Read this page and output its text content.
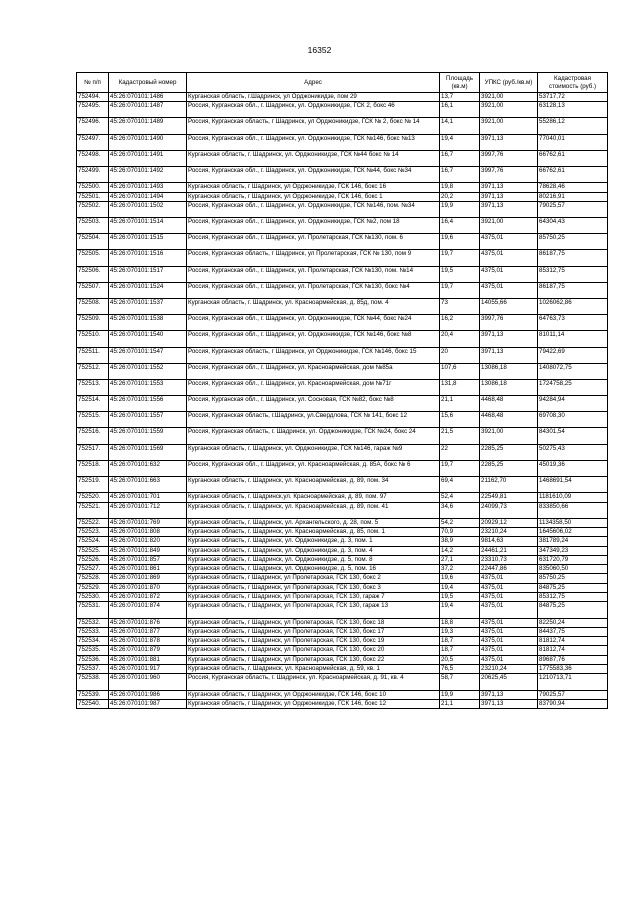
16352
№ п/п	Кадастровый номер	Адрес	Площадь (кв.м)	УПКС (руб./кв.м)	Кадастровая стоимость (руб.)
752494.	45:26:070101:1486	Курганская область, г.Шадринск, ул Орджоникидзе, пом 29	13,7	3921,00	53717,72
752495.	45:26:070101:1487	Россия, Курганская обл., г. Шадринск, ул. Орджоникидзе, ГСК 2, бокс 46	16,1	3921,00	63128,13
752496.	45:26:070101:1489	Россия, Курганская область, г Шадринск, ул Орджоникидзе, ГСК № 2, бокс № 14	14,1	3921,00	55286,12
752497.	45:26:070101:1490	Россия, Курганская обл., г. Шадринск, ул. Орджоникидзе, ГСК №146, бокс №13	19,4	3971,13	77040,01
752498.	45:26:070101:1491	Курганская область, г. Шадринск, ул. Орджоникидзе, ГСК №44 бокс № 14	16,7	3997,76	66762,61
752499.	45:26:070101:1492	Россия, Курганская обл., г. Шадринск, ул. Орджоникидзе, ГСК №44, бокс №34	16,7	3997,76	66762,61
752500.	45:26:070101:1493	Курганская область, г Шадринск, ул Орджоникидзе, ГСК 146, бокс 16	19,8	3971,13	78628,46
752501.	45:26:070101:1494	Курганская область, г Шадринск, ул Орджоникидзе, ГСК 146, бокс 1	20,2	3971,13	80216,91
752502.	45:26:070101:1502	Россия, Курганская обл., г. Шадринск, ул. Орджоникидзе, ГСК №146, пом. №34	19,9	3971,13	79025,57
752503.	45:26:070101:1514	Россия, Курганская обл., г. Шадринск, ул. Орджоникидзе, ГСК №2, пом 18	16,4	3921,00	64304,43
752504.	45:26:070101:1515	Россия, Курганская обл., г. Шадринск, ул. Пролетарская, ГСК №130, пом. 6	19,6	4375,01	85750,25
752505.	45:26:070101:1516	Россия, Курганская область, г Шадринск, ул Пролетарская, ГСК № 130, пом 9	19,7	4375,01	86187,75
752506.	45:26:070101:1517	Россия, Курганская обл., г. Шадринск, ул. Пролетарская, ГСК №130, пом. №14	19,5	4375,01	85312,75
752507.	45:26:070101:1524	Россия, Курганская обл., г. Шадринск, ул. Пролетарская, ГСК №130, бокс №4	19,7	4375,01	86187,75
752508.	45:26:070101:1537	Курганская область, г. Шадринск, ул. Красноармейская, д. 85д, пом. 4	73	14055,66	1026062,86
752509.	45:26:070101:1538	Россия, Курганская обл., г. Шадринск, ул. Орджоникидзе, ГСК №44, бокс №24	16,2	3997,76	64763,73
752510.	45:26:070101:1540	Россия, Курганская обл., г. Шадринск, ул. Орджоникидзе, ГСК №146, бокс №8	20,4	3971,13	81011,14
752511.	45:26:070101:1547	Россия, Курганская область, г Шадринск, ул Орджоникидзе, ГСК №146, бокс 15	20	3971,13	79422,69
752512.	45:26:070101:1552	Россия, Курганская обл., г. Шадринск, ул. Красноармейская, дом №85а	107,6	13086,18	1408072,75
752513.	45:26:070101:1553	Россия, Курганская обл., г. Шадринск, ул. Красноармейская, дом №71г	131,8	13086,18	1724758,25
752514.	45:26:070101:1556	Россия, Курганская обл., г. Шадринск, ул. Сосновая, ГСК №82, бокс №8	21,1	4468,48	94284,94
752515.	45:26:070101:1557	Россия, Курганская область, г.Шадринск, ул.Свердлова, ГСК № 141, бокс 12	15,6	4468,48	69708,30
752516.	45:26:070101:1559	Россия, Курганская область, г. Шадринск, ул. Орджоникидзе, ГСК №24, бокс 24	21,5	3921,00	84301,54
752517.	45:26:070101:1569	Курганская область, г. Шадринск, ул. Орджоникидзе, ГСК №146, гараж №9	22	2285,25	50275,43
752518.	45:26:070101:632	Россия, Курганская обл., г. Шадринск, ул. Красноармейская, д. 85А, бокс № 6	19,7	2285,25	45019,36
752519.	45:26:070101:663	Курганская область, г. Шадринск, ул. Красноармейская, д. 89, пом. 34	69,4	21162,70	1468691,54
752520.	45:26:070101:701	Курганская область, г. Шадринск,ул. Красноармейская, д. 89, пом. 97	52,4	22549,81	1181610,09
752521.	45:26:070101:712	Курганская область, г. Шадринск, ул. Красноармейская, д. 89, пом. 41	34,6	24099,73	833850,66
752522.	45:26:070101:769	Курганская область, г. Шадринск, ул. Архангельского, д. 28, пом. 5	54,2	20929,12	1134358,50
752523.	45:26:070101:808	Курганская область, г. Шадринск, ул. Красноармейская, д. 85, пом. 1	70,9	23210,24	1645606,02
752524.	45:26:070101:820	Курганская область, г. Шадринск, ул. Орджоникидзе, д. 3, пом. 1	38,9	9814,63	381789,24
752525.	45:26:070101:849	Курганская область, г. Шадринск, ул. Орджоникидзе, д. 3, пом. 4	14,2	24461,21	347349,23
752526.	45:26:070101:857	Курганская область, г. Шадринск, ул. Орджоникидзе, д. 5, пом. 8	27,1	23310,73	631720,79
752527.	45:26:070101:861	Курганская область, г. Шадринск, ул. Орджоникидзе, д. 5, пом. 16	37,2	22447,86	835060,50
752528.	45:26:070101:869	Курганская область, г Шадринск, ул Пролетарская, ГСК 130, бокс 2	19,6	4375,01	85750,25
752529.	45:26:070101:870	Курганская область, г Шадринск, ул Пролетарская, ГСК 130, бокс 3	19,4	4375,01	84875,25
752530.	45:26:070101:872	Курганская область, г Шадринск, ул Пролетарская, ГСК 130, гараж 7	19,5	4375,01	85312,75
752531.	45:26:070101:874	Курганская область, г Шадринск, ул Пролетарская, ГСК 130, гараж 13	19,4	4375,01	84875,25
752532.	45:26:070101:876	Курганская область, г Шадринск, ул Пролетарская, ГСК 130, бокс 18	18,8	4375,01	82250,24
752533.	45:26:070101:877	Курганская область, г Шадринск, ул Пролетарская, ГСК 130, бокс 17	19,3	4375,01	84437,75
752534.	45:26:070101:878	Курганская область, г Шадринск, ул Пролетарская, ГСК 130, бокс 19	18,7	4375,01	81812,74
752535.	45:26:070101:879	Курганская область, г Шадринск, ул Пролетарская, ГСК 130, бокс 20	18,7	4375,01	81812,74
752536.	45:26:070101:881	Курганская область, г Шадринск, ул Пролетарская, ГСК 130, бокс 22	20,5	4375,01	89687,76
752537.	45:26:070101:917	Курганская область, г. Шадринск, ул. Красноармейская, д. 59, кв. 1	76,5	23210,24	1775583,36
752538.	45:26:070101:960	Россия, Курганская область, г. Шадринск, ул. Красноармейская, д. 91, кв. 4	58,7	20625,45	1210713,71
752539.	45:26:070101:986	Курганская область, г Шадринск, ул Орджоникидзе, ГСК 146, бокс 10	19,9	3971,13	79025,57
752540.	45:26:070101:987	Курганская область, г Шадринск, ул Орджоникидзе, ГСК 146, бокс 12	21,1	3971,13	83790,94
